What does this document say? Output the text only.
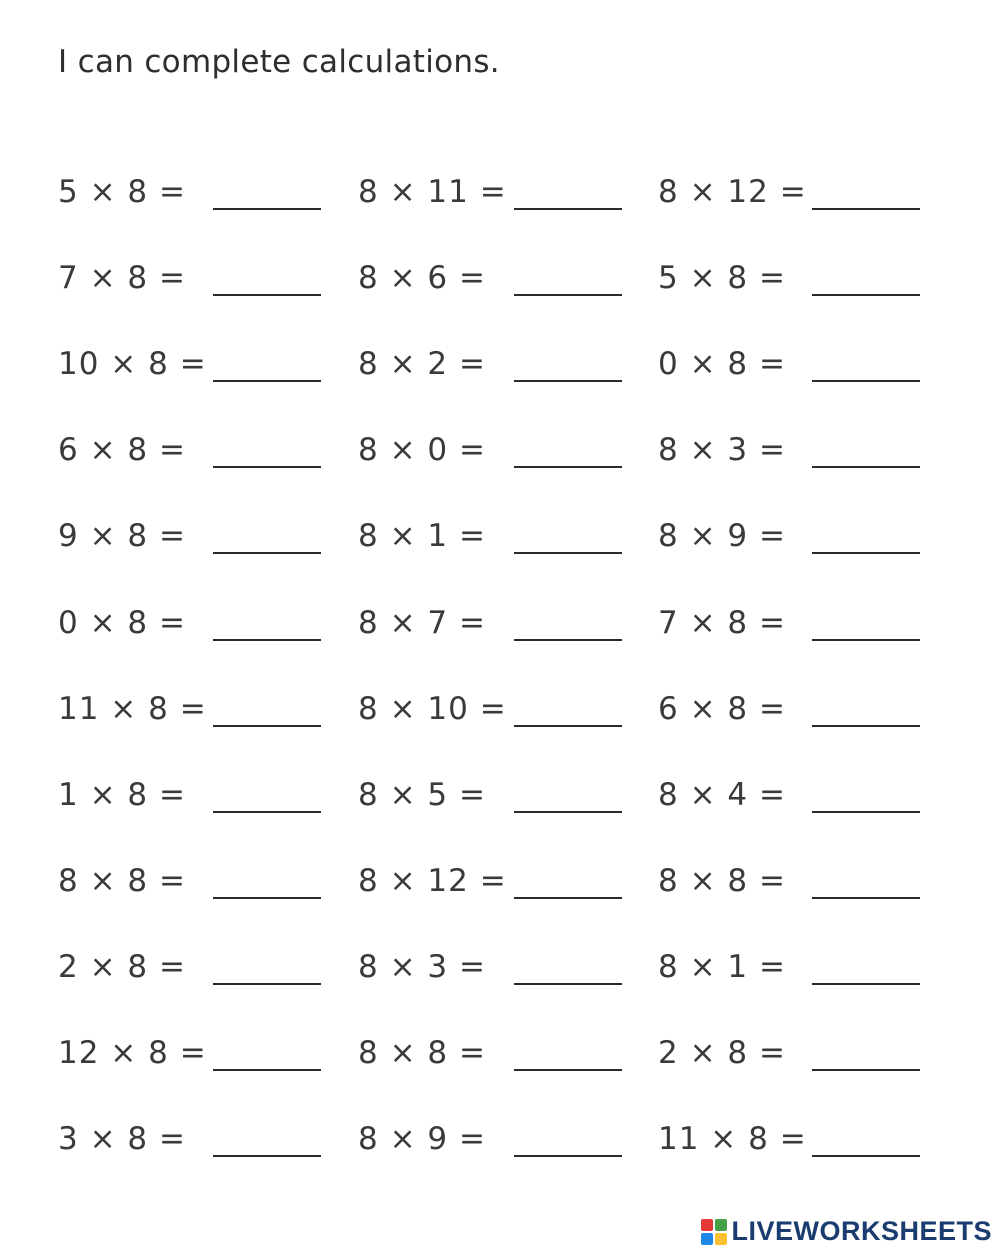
I can complete calculations.
5 × 8 =
7 × 8 =
10 × 8 =
6 × 8 =
9 × 8 =
0 × 8 =
11 × 8 =
1 × 8 =
8 × 8 =
2 × 8 =
12 × 8 =
3 × 8 =
8 × 11 =
8 × 6 =
8 × 2 =
8 × 0 =
8 × 1 =
8 × 7 =
8 × 10 =
8 × 5 =
8 × 12 =
8 × 3 =
8 × 8 =
8 × 9 =
8 × 12 =
5 × 8 =
0 × 8 =
8 × 3 =
8 × 9 =
7 × 8 =
6 × 8 =
8 × 4 =
8 × 8 =
8 × 1 =
2 × 8 =
11 × 8 =
LIVEWORKSHEETS
